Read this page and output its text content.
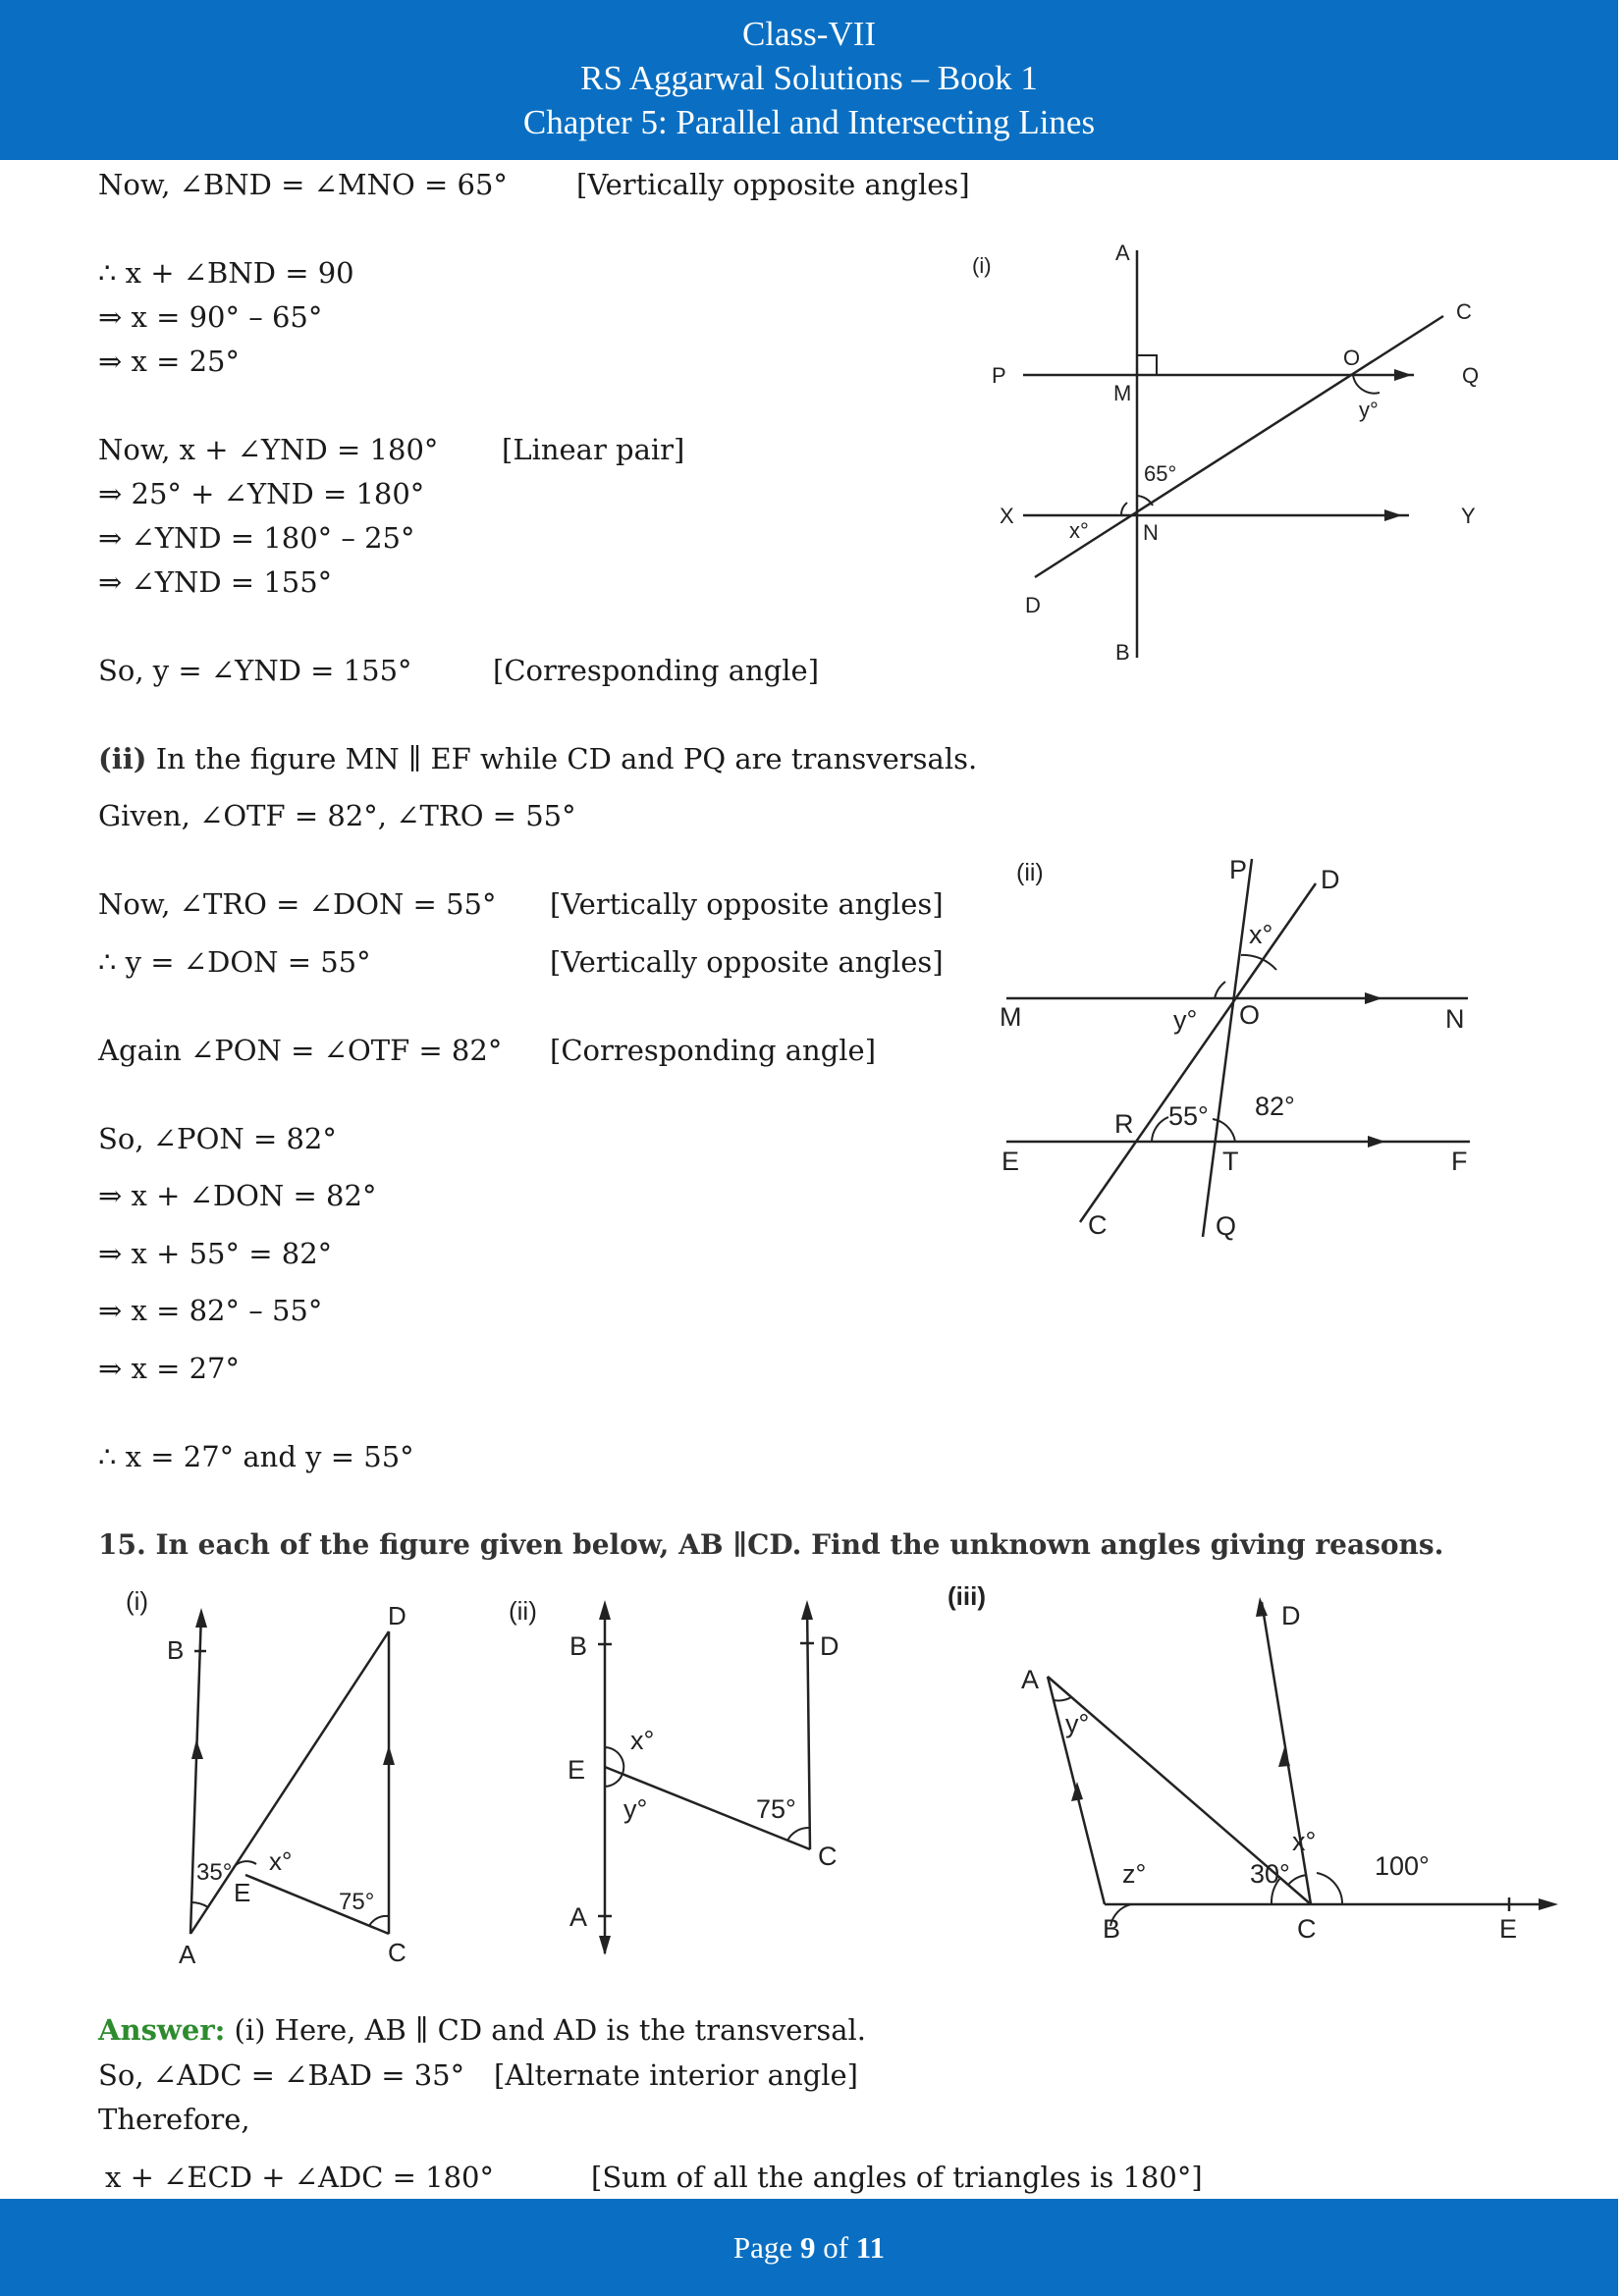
Class-VII
RS Aggarwal Solutions – Book 1
Chapter 5: Parallel and Intersecting Lines
Now, ∠BND = ∠MNO = 65° [Vertically opposite angles]
∴ x + ∠BND = 90
⇒ x = 90° – 65°
⇒ x = 25°
Now, x + ∠YND = 180° [Linear pair]
⇒ 25° + ∠YND = 180°
⇒ ∠YND = 180° – 25°
⇒ ∠YND = 155°
So, y = ∠YND = 155°	[Corresponding angle]
(ii) In the figure MN ∥ EF while CD and PQ are transversals.
Given, ∠OTF = 82°, ∠TRO = 55°
Now, ∠TRO = ∠DON = 55° [Vertically opposite angles]
∴ y = ∠DON = 55°	[Vertically opposite angles]
Again ∠PON = ∠OTF = 82° [Corresponding angle]
So, ∠PON = 82°
⇒ x + ∠DON = 82°
⇒ x + 55° = 82°
⇒ x = 82° – 55°
⇒ x = 27°
∴ x = 27° and y = 55°
15. In each of the figure given below, AB ∥CD. Find the unknown angles giving reasons.
Answer: (i) Here, AB ∥ CD and AD is the transversal.
So, ∠ADC = ∠BAD = 35° [Alternate interior angle]
Therefore,
x + ∠ECD + ∠ADC = 180°	[Sum of all the angles of triangles is 180°]
(i)
A
P
M
O
C
Q
y°
65°
X
x°	N
Y
D
B
(ii)	P	D
x°
M	y° O	N
R 55° 82°
E	T	F
C	Q
(i)
B
D
35° x°
E	75°
A	C
(ii)
B	D
x°
E
y°	75°
C
A
(iii)
D
A
y°
z°	30°
x°
100°
B	C	E
Page 9 of 11
